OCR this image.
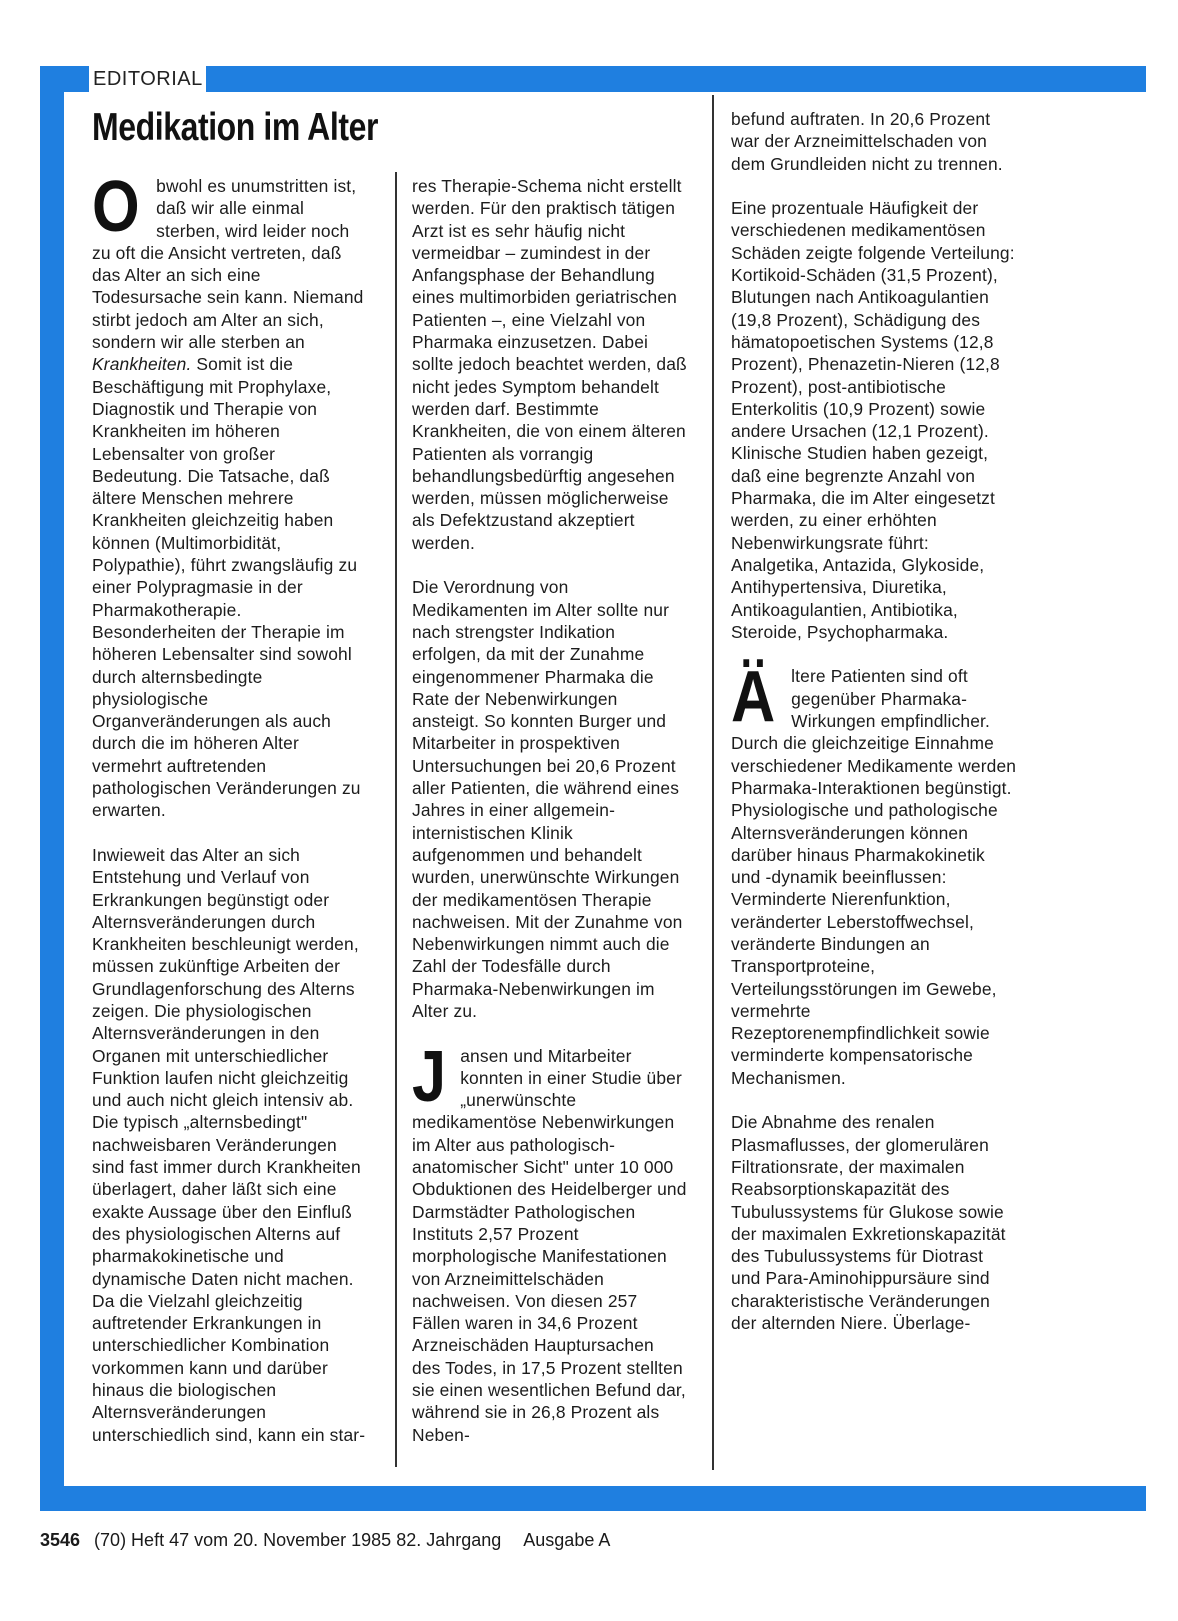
EDITORIAL
Medikation im Alter

Obwohl es unumstritten ist, daß wir alle einmal sterben, wird leider noch zu oft die Ansicht vertreten, daß das Alter an sich eine Todesursache sein kann. Niemand stirbt jedoch am Alter an sich, sondern wir alle sterben an Krankheiten. Somit ist die Beschäftigung mit Prophylaxe, Diagnostik und Therapie von Krankheiten im höheren Lebensalter von großer Bedeutung. Die Tatsache, daß ältere Menschen mehrere Krankheiten gleichzeitig haben können (Multimorbidität, Polypathie), führt zwangsläufig zu einer Polypragmasie in der Pharmakotherapie. Besonderheiten der Therapie im höheren Lebensalter sind sowohl durch alternsbedingte physiologische Organveränderungen als auch durch die im höheren Alter vermehrt auftretenden pathologischen Veränderungen zu erwarten.

Inwieweit das Alter an sich Entstehung und Verlauf von Erkrankungen begünstigt oder Alternsveränderungen durch Krankheiten beschleunigt werden, müssen zukünftige Arbeiten der Grundlagenforschung des Alterns zeigen. Die physiologischen Alternsveränderungen in den Organen mit unterschiedlicher Funktion laufen nicht gleichzeitig und auch nicht gleich intensiv ab. Die typisch „alternsbedingt" nachweisbaren Veränderungen sind fast immer durch Krankheiten überlagert, daher läßt sich eine exakte Aussage über den Einfluß des physiologischen Alterns auf pharmakokinetische und dynamische Daten nicht machen. Da die Vielzahl gleichzeitig auftretender Erkrankungen in unterschiedlicher Kombination vorkommen kann und darüber hinaus die biologischen Alternsveränderungen unterschiedlich sind, kann ein star-

res Therapie-Schema nicht erstellt werden. Für den praktisch tätigen Arzt ist es sehr häufig nicht vermeidbar – zumindest in der Anfangsphase der Behandlung eines multimorbiden geriatrischen Patienten –, eine Vielzahl von Pharmaka einzusetzen. Dabei sollte jedoch beachtet werden, daß nicht jedes Symptom behandelt werden darf. Bestimmte Krankheiten, die von einem älteren Patienten als vorrangig behandlungsbedürftig angesehen werden, müssen möglicherweise als Defektzustand akzeptiert werden.

Die Verordnung von Medikamenten im Alter sollte nur nach strengster Indikation erfolgen, da mit der Zunahme eingenommener Pharmaka die Rate der Nebenwirkungen ansteigt. So konnten Burger und Mitarbeiter in prospektiven Untersuchungen bei 20,6 Prozent aller Patienten, die während eines Jahres in einer allgemein-internistischen Klinik aufgenommen und behandelt wurden, unerwünschte Wirkungen der medikamentösen Therapie nachweisen. Mit der Zunahme von Nebenwirkungen nimmt auch die Zahl der Todesfälle durch Pharmaka-Nebenwirkungen im Alter zu.

Jansen und Mitarbeiter konnten in einer Studie über „unerwünschte medikamentöse Nebenwirkungen im Alter aus pathologisch-anatomischer Sicht" unter 10 000 Obduktionen des Heidelberger und Darmstädter Pathologischen Instituts 2,57 Prozent morphologische Manifestationen von Arzneimittelschäden nachweisen. Von diesen 257 Fällen waren in 34,6 Prozent Arzneischäden Hauptursachen des Todes, in 17,5 Prozent stellten sie einen wesentlichen Befund dar, während sie in 26,8 Prozent als Neben-

befund auftraten. In 20,6 Prozent war der Arzneimittelschaden von dem Grundleiden nicht zu trennen.

Eine prozentuale Häufigkeit der verschiedenen medikamentösen Schäden zeigte folgende Verteilung: Kortikoid-Schäden (31,5 Prozent), Blutungen nach Antikoagulantien (19,8 Prozent), Schädigung des hämatopoetischen Systems (12,8 Prozent), Phenazetin-Nieren (12,8 Prozent), post-antibiotische Enterkolitis (10,9 Prozent) sowie andere Ursachen (12,1 Prozent). Klinische Studien haben gezeigt, daß eine begrenzte Anzahl von Pharmaka, die im Alter eingesetzt werden, zu einer erhöhten Nebenwirkungsrate führt: Analgetika, Antazida, Glykoside, Antihypertensiva, Diuretika, Antikoagulantien, Antibiotika, Steroide, Psychopharmaka.

Ältere Patienten sind oft gegenüber Pharmaka-Wirkungen empfindlicher. Durch die gleichzeitige Einnahme verschiedener Medikamente werden Pharmaka-Interaktionen begünstigt. Physiologische und pathologische Alternsveränderungen können darüber hinaus Pharmakokinetik und -dynamik beeinflussen: Verminderte Nierenfunktion, veränderter Leberstoffwechsel, veränderte Bindungen an Transportproteine, Verteilungsstörungen im Gewebe, vermehrte Rezeptorenempfindlichkeit sowie verminderte kompensatorische Mechanismen.

Die Abnahme des renalen Plasmaflusses, der glomerulären Filtrationsrate, der maximalen Reabsorptionskapazität des Tubulussystems für Glukose sowie der maximalen Exkretionskapazität des Tubulussystems für Diotrast und Para-Aminohippursäure sind charakteristische Veränderungen der alternden Niere. Überlage-

3546 (70) Heft 47 vom 20. November 1985 82. Jahrgang Ausgabe A
